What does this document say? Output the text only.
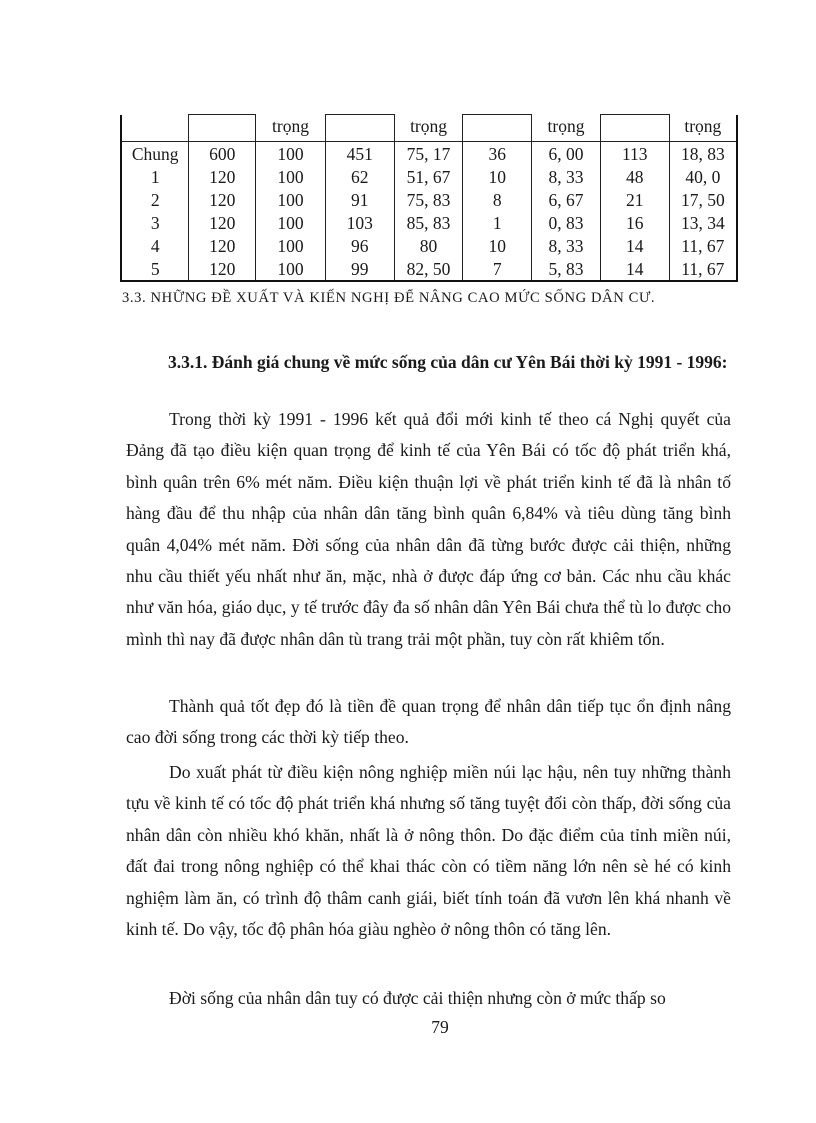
		trọng		trọng		trọng		trọng
Chung	600	100	451	75, 17	36	6, 00	113	18, 83
1	120	100	62	51, 67	10	8, 33	48	40, 0
2	120	100	91	75, 83	8	6, 67	21	17, 50
3	120	100	103	85, 83	1	0, 83	16	13, 34
4	120	100	96	80	10	8, 33	14	11, 67
5	120	100	99	82, 50	7	5, 83	14	11, 67
3.3. NHỮNG ĐỀ XUẤT VÀ KIẾN NGHỊ ĐỂ NÂNG CAO MỨC SỐNG DÂN CƯ.
3.3.1. Đánh giá chung về mức sống của dân cư Yên Bái thời kỳ 1991 - 1996:

Trong thời kỳ 1991 - 1996 kết quả đổi mới kinh tế theo cá Nghị quyết của Đảng đã tạo điều kiện quan trọng để kinh tế của Yên Bái có tốc độ phát triển khá, bình quân trên 6% mét năm. Điều kiện thuận lợi về phát triển kinh tế đã là nhân tố hàng đầu để thu nhập của nhân dân tăng bình quân 6,84% và tiêu dùng tăng bình quân 4,04% mét năm. Đời sống của nhân dân đã từng bước được cải thiện, những nhu cầu thiết yếu nhất như ăn, mặc, nhà ở được đáp ứng cơ bản. Các nhu cầu khác như văn hóa, giáo dục, y tế trước đây đa số nhân dân Yên Bái chưa thể tù lo được cho mình thì nay đã được nhân dân tù trang trải một phần, tuy còn rất khiêm tốn.

Thành quả tốt đẹp đó là tiền đề quan trọng để nhân dân tiếp tục ổn định nâng cao đời sống trong các thời kỳ tiếp theo.

Do xuất phát từ điều kiện nông nghiệp miền núi lạc hậu, nên tuy những thành tựu về kinh tế có tốc độ phát triển khá nhưng số tăng tuyệt đối còn thấp, đời sống của nhân dân còn nhiều khó khăn, nhất là ở nông thôn. Do đặc điểm của tỉnh miền núi, đất đai trong nông nghiệp có thể khai thác còn có tiềm năng lớn nên sè hé có kinh nghiệm làm ăn, có trình độ thâm canh giái, biết tính toán đã vươn lên khá nhanh về kinh tế. Do vậy, tốc độ phân hóa giàu nghèo ở nông thôn có tăng lên.

Đời sống của nhân dân tuy có được cải thiện nhưng còn ở mức thấp so

79
